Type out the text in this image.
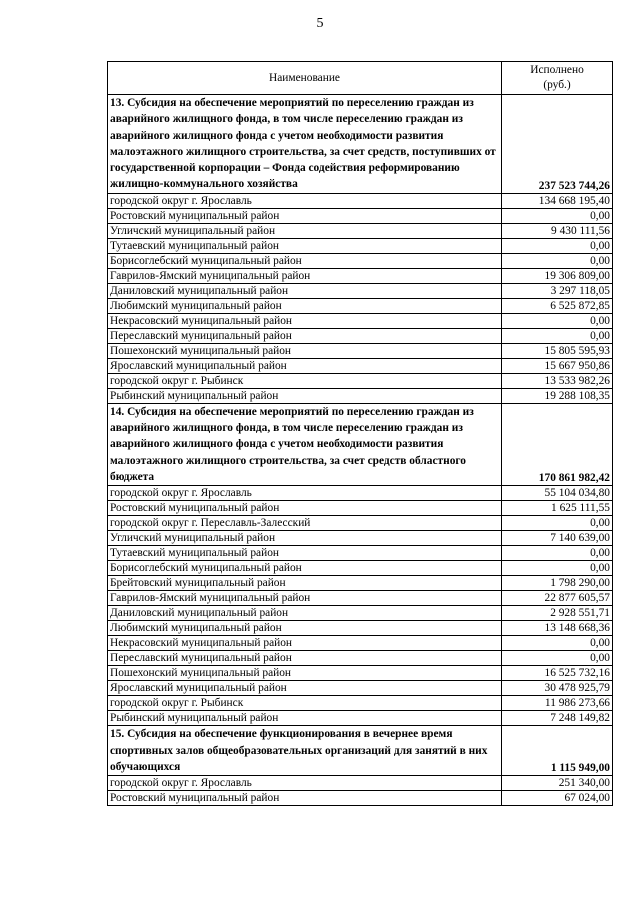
5
Наименование	Исполнено
(руб.)
13. Субсидия на обеспечение мероприятий по переселению граждан из аварийного жилищного фонда, в том числе переселению граждан из аварийного жилищного фонда с учетом необходимости развития малоэтажного жилищного строительства, за счет средств, поступивших от государственной корпорации – Фонда содействия реформированию жилищно-коммунального хозяйства	237 523 744,26
городской округ г. Ярославль	134 668 195,40
Ростовский муниципальный район	0,00
Угличский муниципальный район	9 430 111,56
Тутаевский муниципальный район	0,00
Борисоглебский муниципальный район	0,00
Гаврилов-Ямский муниципальный район	19 306 809,00
Даниловский муниципальный район	3 297 118,05
Любимский муниципальный район	6 525 872,85
Некрасовский муниципальный район	0,00
Переславский муниципальный район	0,00
Пошехонский муниципальный район	15 805 595,93
Ярославский муниципальный район	15 667 950,86
городской округ г. Рыбинск	13 533 982,26
Рыбинский муниципальный район	19 288 108,35
14. Субсидия на обеспечение мероприятий по переселению граждан из аварийного жилищного фонда, в том числе переселению граждан из аварийного жилищного фонда с учетом необходимости развития малоэтажного жилищного строительства, за счет средств областного бюджета	170 861 982,42
городской округ г. Ярославль	55 104 034,80
Ростовский муниципальный район	1 625 111,55
городской округ г. Переславль-Залесский	0,00
Угличский муниципальный район	7 140 639,00
Тутаевский муниципальный район	0,00
Борисоглебский муниципальный район	0,00
Брейтовский муниципальный район	1 798 290,00
Гаврилов-Ямский муниципальный район	22 877 605,57
Даниловский муниципальный район	2 928 551,71
Любимский муниципальный район	13 148 668,36
Некрасовский муниципальный район	0,00
Переславский муниципальный район	0,00
Пошехонский муниципальный район	16 525 732,16
Ярославский муниципальный район	30 478 925,79
городской округ г. Рыбинск	11 986 273,66
Рыбинский муниципальный район	7 248 149,82
15. Субсидия на обеспечение функционирования в вечернее время спортивных залов общеобразовательных организаций для занятий в них обучающихся	1 115 949,00
городской округ г. Ярославль	251 340,00
Ростовский муниципальный район	67 024,00
